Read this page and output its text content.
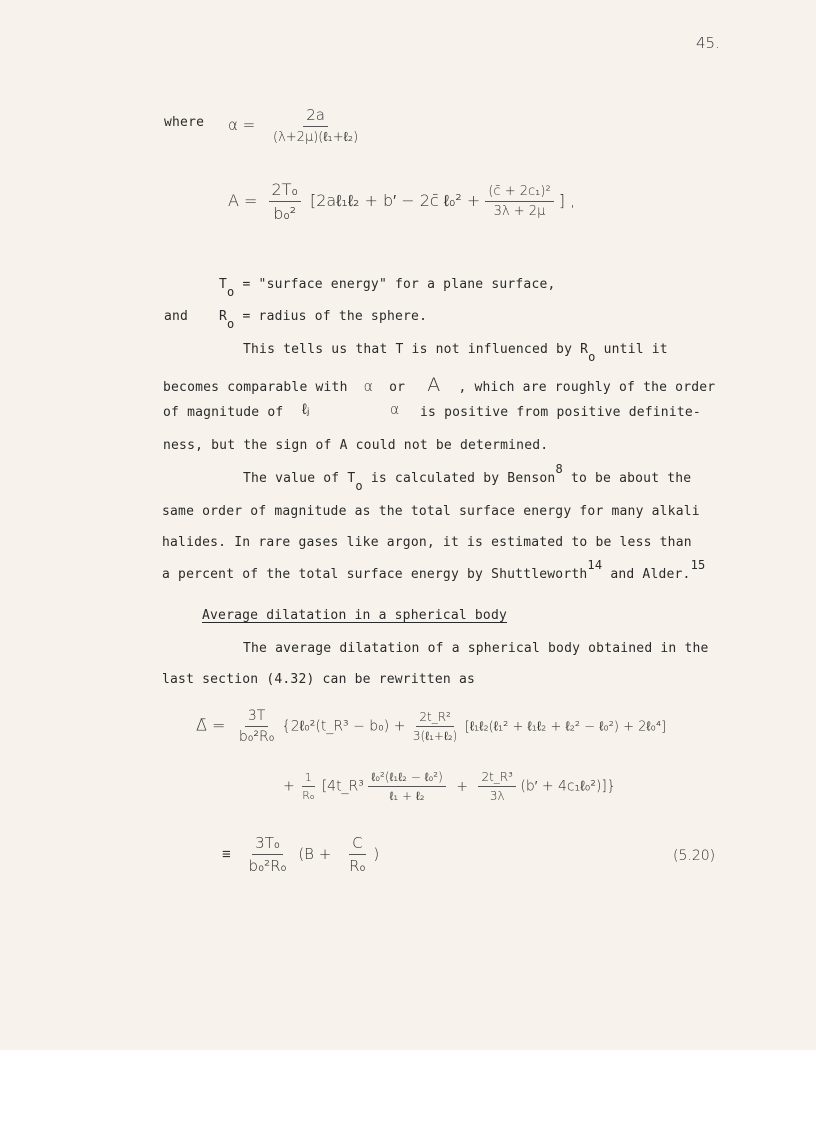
45.
where $\alpha = \frac{2a}{\text{(λ+2μ)(ℓ₁+ℓ₂)}}$
$A = \frac{\text{2T₀}}{\text{b₀²}}$ [2aℓ₁ℓ₂ + b′ − 2c̄ ℓ₀² + $\frac{\text{(c̄ + 2c₁)²}}{3\lambda + 2\mu}$ ] ,
To = "surface energy" for a plane surface,
and Ro = radius of the sphere.
This tells us that T is not influenced by Ro until it
becomes comparable with α or A , which are roughly of the order
of magnitude of ℓⱼ	α is positive from positive definite-
ness, but the sign of A could not be determined.
The value of To is calculated by Benson8 to be about the
same order of magnitude as the total surface energy for many alkali
halides. In rare gases like argon, it is estimated to be less than
a percent of the total surface energy by Shuttleworth14 and Alder.15
Average dilatation in a spherical body
The average dilatation of a spherical body obtained in the
last section (4.32) can be rewritten as
Δ̄ = $\frac{3T}{\text{b₀²R₀}}$ {2ℓ₀²(t_R³ − $b_0) + \frac{\text{2t\_R²}}{\text{3(ℓ₁+ℓ₂)}}$ [ℓ₁ℓ₂(ℓ₁² + ℓ₁ℓ₂ + ℓ₂² − ℓ₀²) + 2ℓ₀⁴]
+ $\frac{1}{\text{R₀}}$ [4t_R³ $\frac{\text{ℓ₀²(ℓ₁ℓ₂ − ℓ₀²)}}{\text{ℓ₁ + ℓ₂}} + \frac{\text{2t\_R³}}{3\lambda} (b'$ + 4c₁ℓ₀²)]}
≡ $\frac{\text{3T₀}}{\text{b₀²R₀}} (B + \frac{C}{\text{R₀}}$ )	(5.20)
